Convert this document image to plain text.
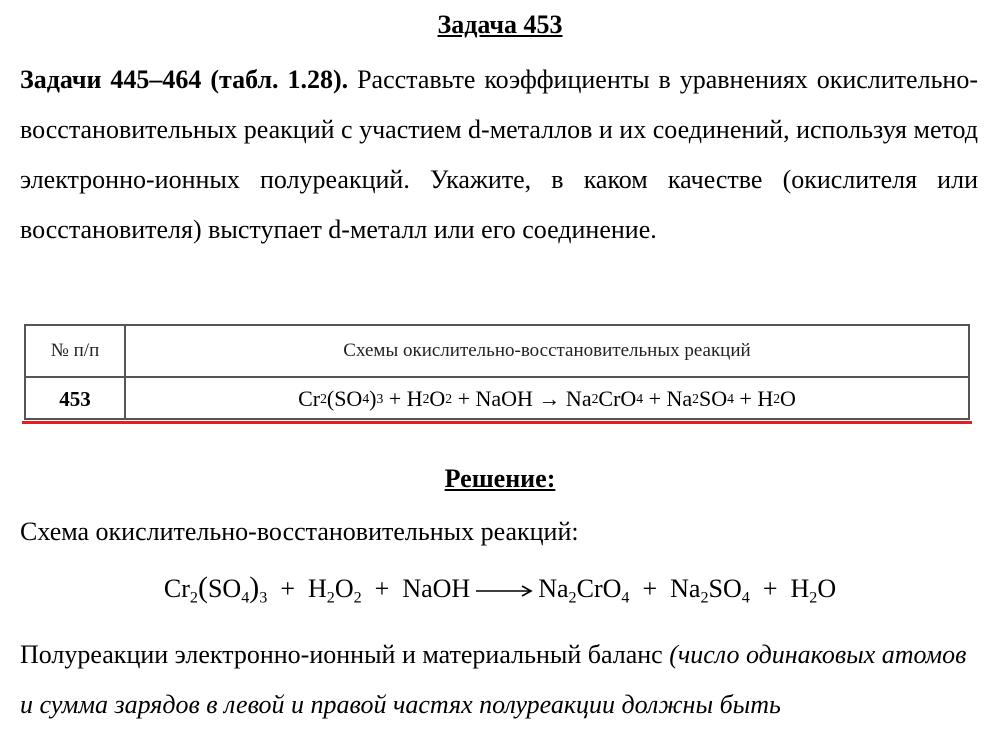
Задача 453
Задачи 445–464 (табл. 1.28). Расставьте коэффициенты в уравнениях окислительно-восстановительных реакций с участием d-металлов и их соединений, используя метод электронно-ионных полуреакций. Укажите, в каком качестве (окислителя или восстановителя) выступает d-металл или его соединение.
№ п/п	Схемы окислительно-восстановительных реакций
453	Cr 2 (SO 4 ) 3 + H 2 O 2 + NaOH → Na 2 CrO 4 + Na 2 SO 4 + H 2 O
Решение:
Схема окислительно-восстановительных реакций:
$Cr_2(SO_4)_3 + H_2O_2$  +  NaOH → $Na_2CrO_4 + Na_2SO_4 + H_2O$
Полуреакции электронно-ионный и материальный баланс (число одинаковых атомов и сумма зарядов в левой и правой частях полуреакции должны быть
